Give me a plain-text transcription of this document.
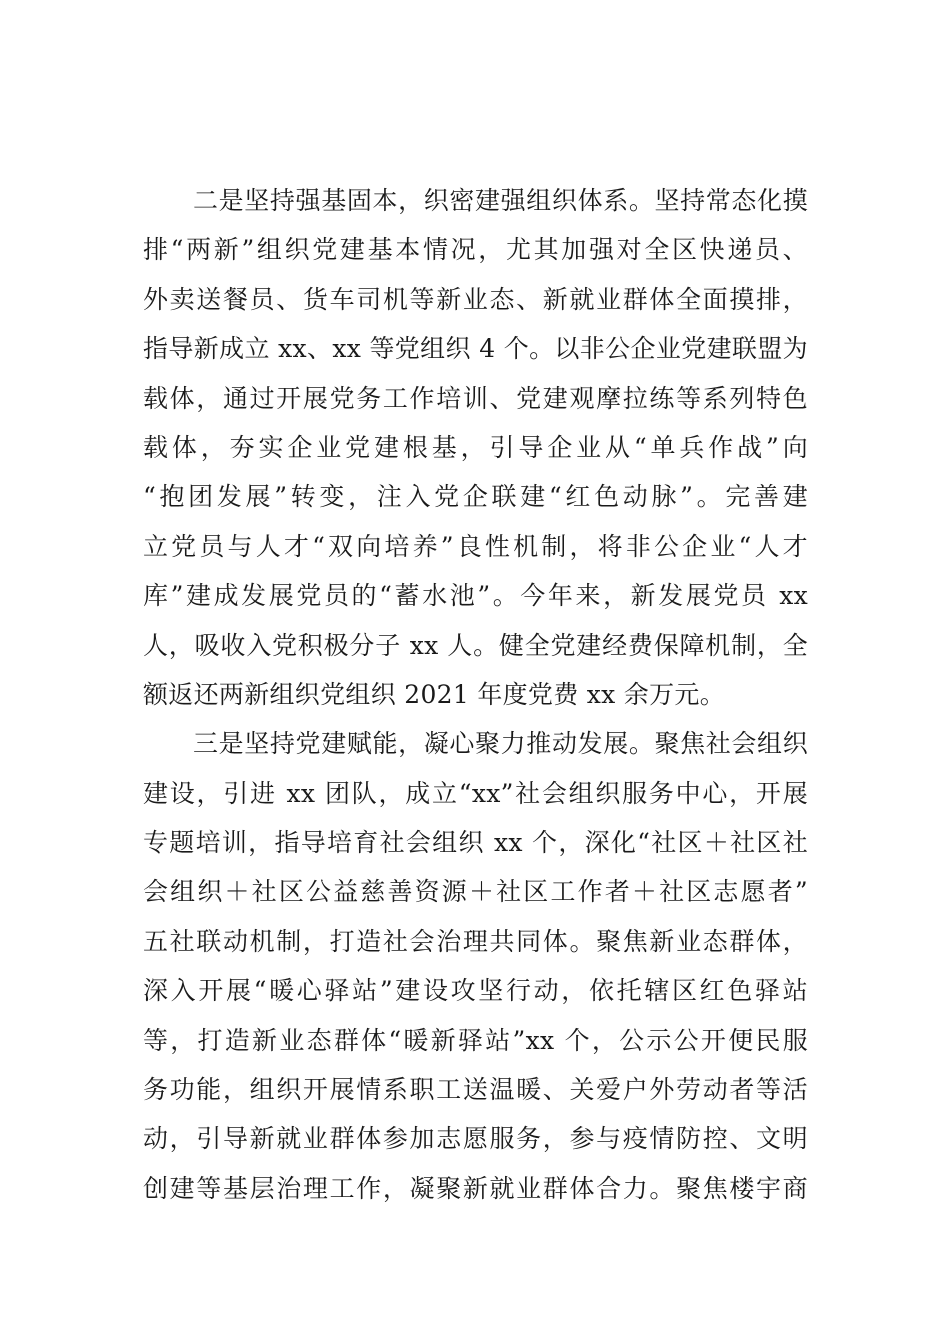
二是坚持强基固本，织密建强组织体系。坚持常态化摸
排“两新”组织党建基本情况，尤其加强对全区快递员、
外卖送餐员、货车司机等新业态、新就业群体全面摸排，
指导新成立 xx、xx 等党组织 4 个。以非公企业党建联盟为
载体，通过开展党务工作培训、党建观摩拉练等系列特色
载体，夯实企业党建根基，引导企业从“单兵作战”向
“抱团发展”转变，注入党企联建“红色动脉”。完善建
立党员与人才“双向培养”良性机制，将非公企业“人才
库”建成发展党员的“蓄水池”。今年来，新发展党员 xx
人，吸收入党积极分子 xx 人。健全党建经费保障机制，全
额返还两新组织党组织 2021 年度党费 xx 余万元。
三是坚持党建赋能，凝心聚力推动发展。聚焦社会组织
建设，引进 xx 团队，成立“xx”社会组织服务中心，开展
专题培训，指导培育社会组织 xx 个，深化“社区＋社区社
会组织＋社区公益慈善资源＋社区工作者＋社区志愿者”
五社联动机制，打造社会治理共同体。聚焦新业态群体，
深入开展“暖心驿站”建设攻坚行动，依托辖区红色驿站
等，打造新业态群体“暖新驿站”xx 个，公示公开便民服
务功能，组织开展情系职工送温暖、关爱户外劳动者等活
动，引导新就业群体参加志愿服务，参与疫情防控、文明
创建等基层治理工作，凝聚新就业群体合力。聚焦楼宇商
